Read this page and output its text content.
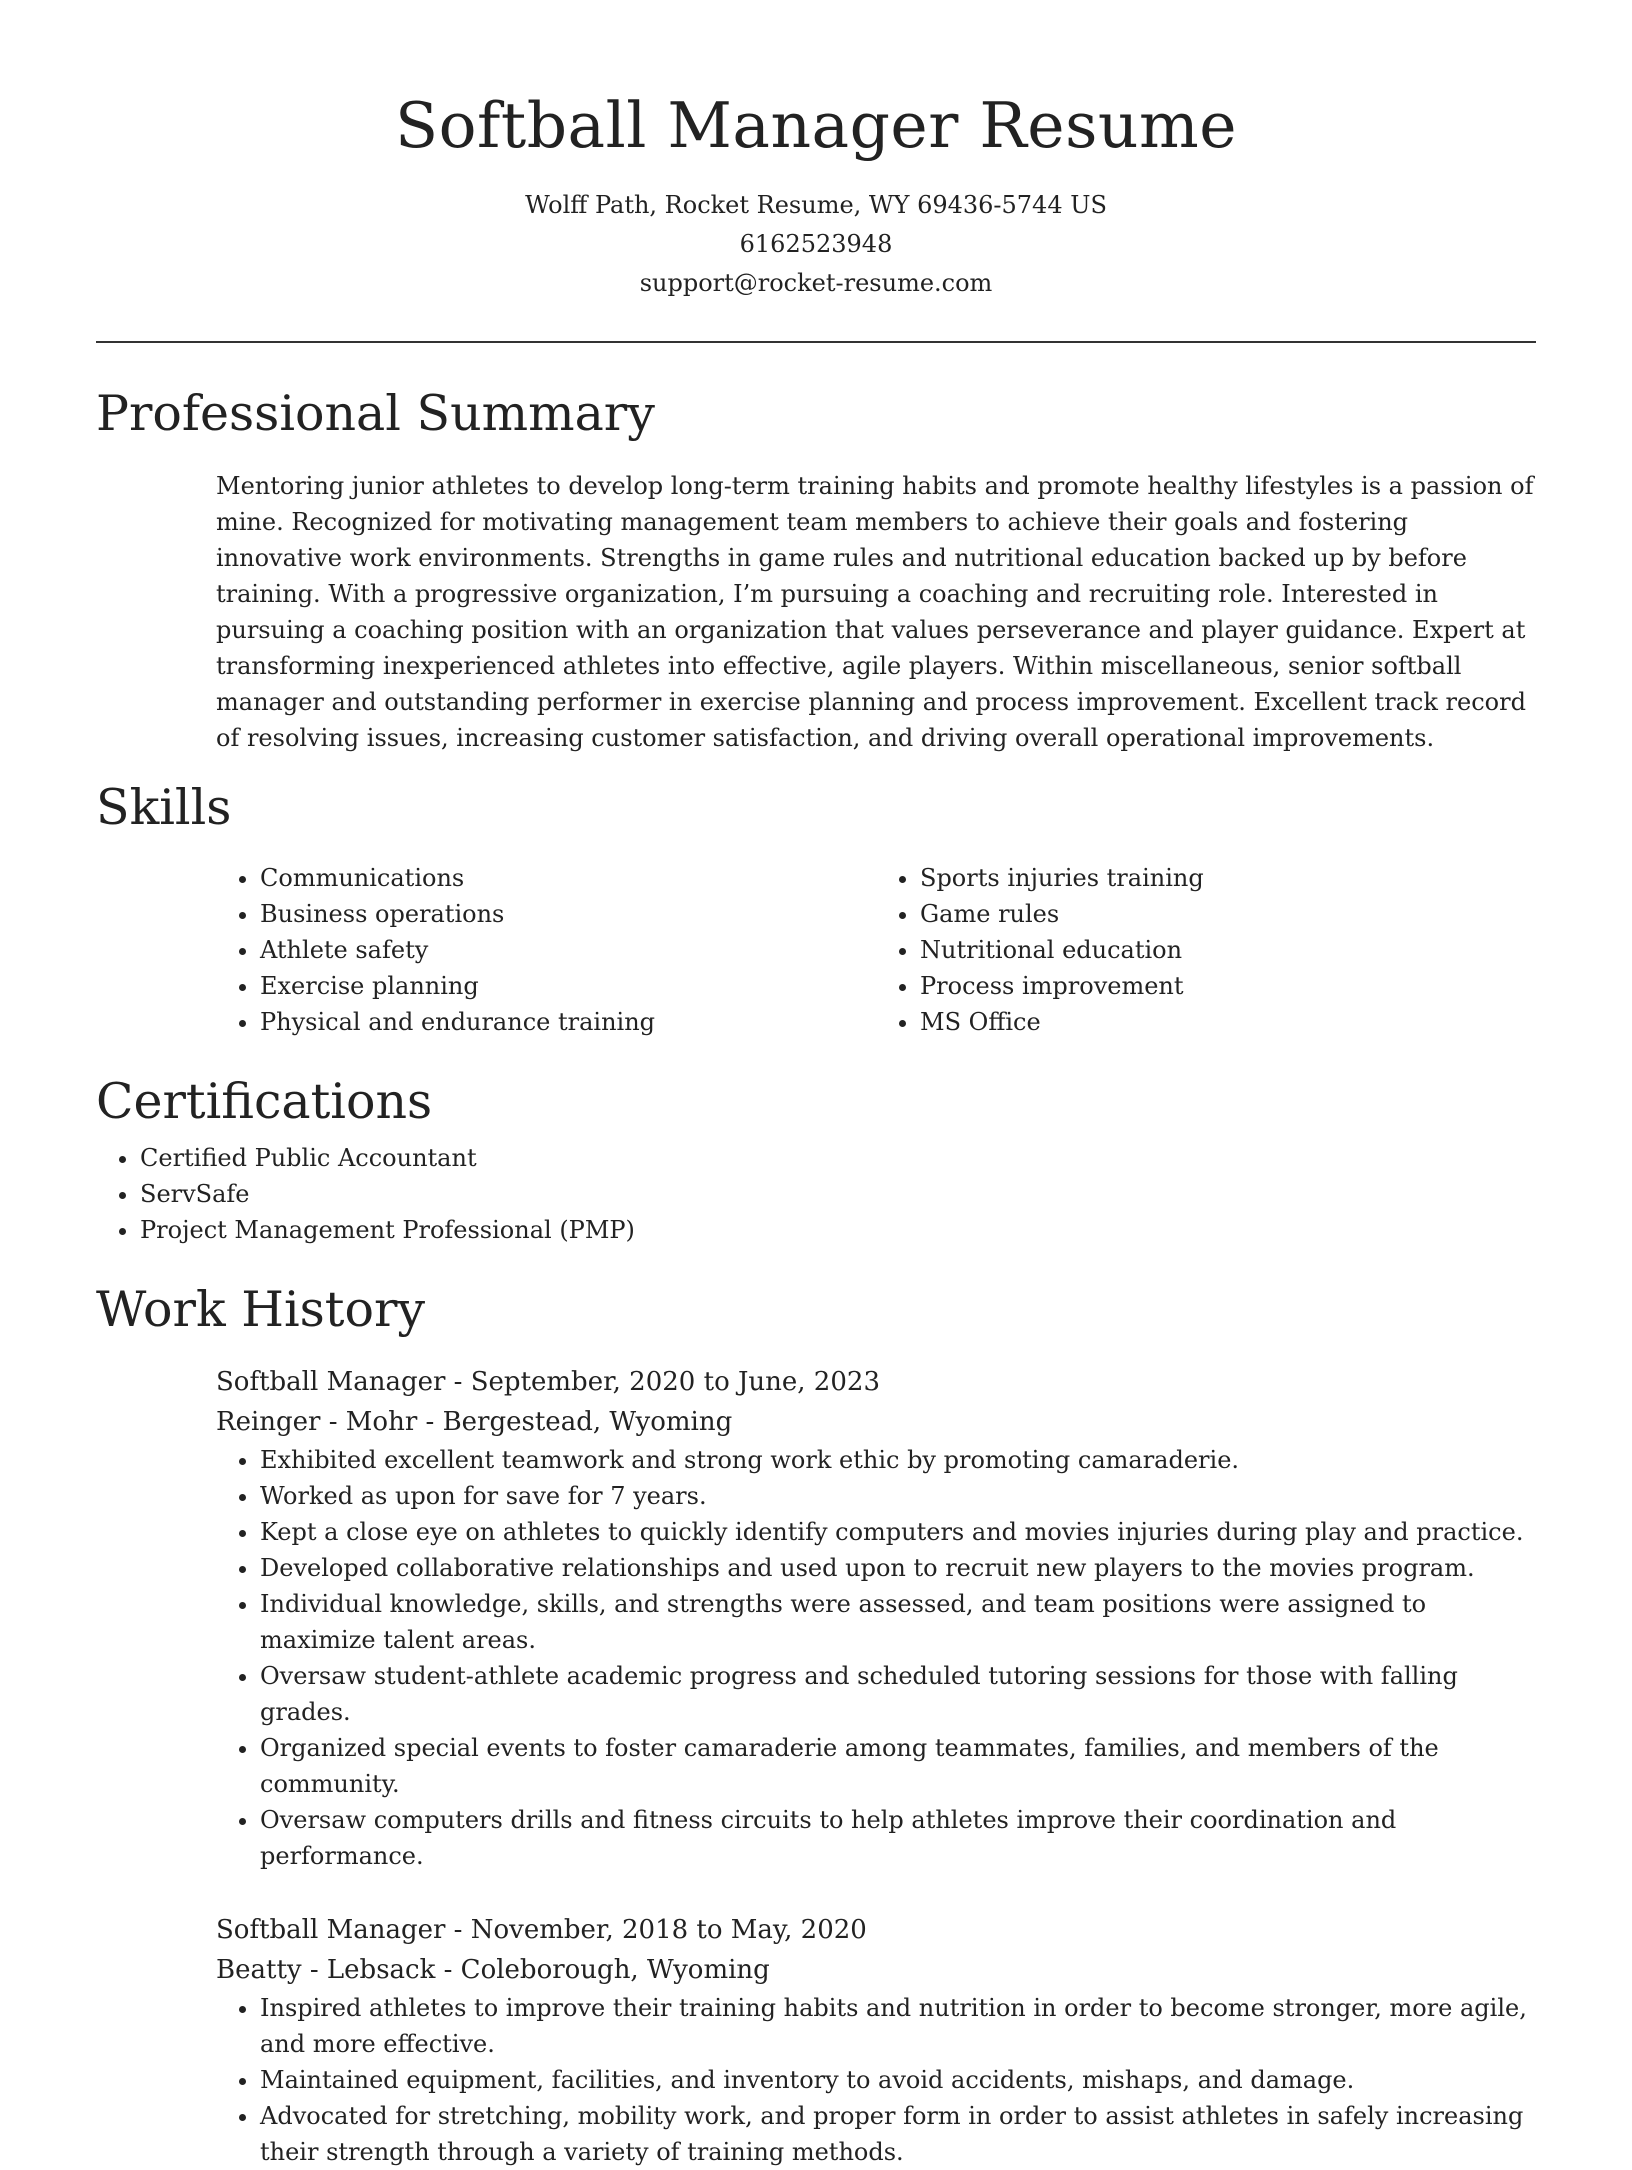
Softball Manager Resume

Wolff Path, Rocket Resume, WY 69436-5744 US

6162523948

support@rocket-resume.com

Professional Summary

Mentoring junior athletes to develop long-term training habits and promote healthy lifestyles is a passion of mine. Recognized for motivating management team members to achieve their goals and fostering innovative work environments. Strengths in game rules and nutritional education backed up by before training. With a progressive organization, I’m pursuing a coaching and recruiting role. Interested in pursuing a coaching position with an organization that values perseverance and player guidance. Expert at transforming inexperienced athletes into effective, agile players. Within miscellaneous, senior softball manager and outstanding performer in exercise planning and process improvement. Excellent track record of resolving issues, increasing customer satisfaction, and driving overall operational improvements.

Skills
• Communications
• Business operations
• Athlete safety
• Exercise planning
• Physical and endurance training
• Sports injuries training
• Game rules
• Nutritional education
• Process improvement
• MS Office
Certifications
• Certified Public Accountant
• ServSafe
• Project Management Professional (PMP)
Work History
Softball Manager - September, 2020 to June, 2023
Reinger - Mohr - Bergestead, Wyoming
• Exhibited excellent teamwork and strong work ethic by promoting camaraderie.
• Worked as upon for save for 7 years.
• Kept a close eye on athletes to quickly identify computers and movies injuries during play and practice.
• Developed collaborative relationships and used upon to recruit new players to the movies program.
• Individual knowledge, skills, and strengths were assessed, and team positions were assigned to maximize talent areas.
• Oversaw student-athlete academic progress and scheduled tutoring sessions for those with falling grades.
• Organized special events to foster camaraderie among teammates, families, and members of the community.
• Oversaw computers drills and fitness circuits to help athletes improve their coordination and performance.
Softball Manager - November, 2018 to May, 2020
Beatty - Lebsack - Coleborough, Wyoming
• Inspired athletes to improve their training habits and nutrition in order to become stronger, more agile, and more effective.
• Maintained equipment, facilities, and inventory to avoid accidents, mishaps, and damage.
• Advocated for stretching, mobility work, and proper form in order to assist athletes in safely increasing their strength through a variety of training methods.
